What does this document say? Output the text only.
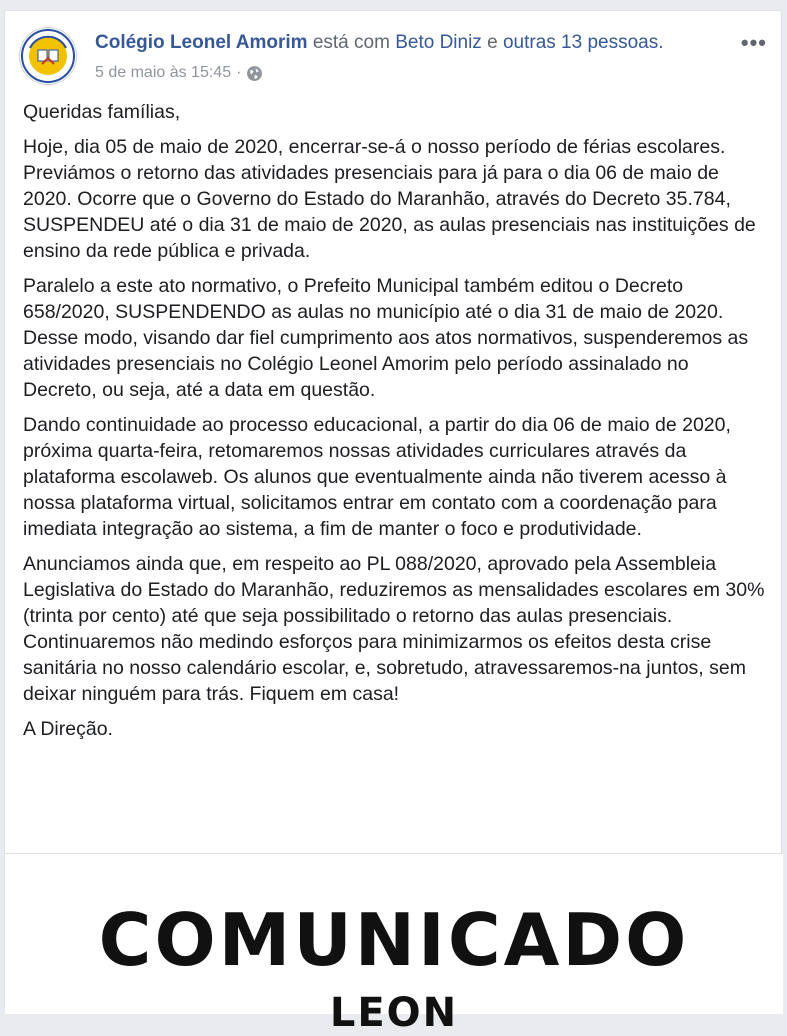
Colégio Leonel Amorim está com Beto Diniz e outras 13 pessoas.
5 de maio às 15:45 ·
•••

Queridas famílias,

Hoje, dia 05 de maio de 2020, encerrar-se-á o nosso período de férias escolares. Previámos o retorno das atividades presenciais para já para o dia 06 de maio de 2020. Ocorre que o Governo do Estado do Maranhão, através do Decreto 35.784, SUSPENDEU até o dia 31 de maio de 2020, as aulas presenciais nas instituições de ensino da rede pública e privada.

Paralelo a este ato normativo, o Prefeito Municipal também editou o Decreto 658/2020, SUSPENDENDO as aulas no município até o dia 31 de maio de 2020. Desse modo, visando dar fiel cumprimento aos atos normativos, suspenderemos as atividades presenciais no Colégio Leonel Amorim pelo período assinalado no Decreto, ou seja, até a data em questão.

Dando continuidade ao processo educacional, a partir do dia 06 de maio de 2020, próxima quarta-feira, retomaremos nossas atividades curriculares através da plataforma escolaweb. Os alunos que eventualmente ainda não tiverem acesso à nossa plataforma virtual, solicitamos entrar em contato com a coordenação para imediata integração ao sistema, a fim de manter o foco e produtividade.

Anunciamos ainda que, em respeito ao PL 088/2020, aprovado pela Assembleia Legislativa do Estado do Maranhão, reduziremos as mensalidades escolares em 30% (trinta por cento) até que seja possibilitado o retorno das aulas presenciais. Continuaremos não medindo esforços para minimizarmos os efeitos desta crise sanitária no nosso calendário escolar, e, sobretudo, atravessaremos-na juntos, sem deixar ninguém para trás. Fiquem em casa!

A Direção.

COMUNICADO
LEON
